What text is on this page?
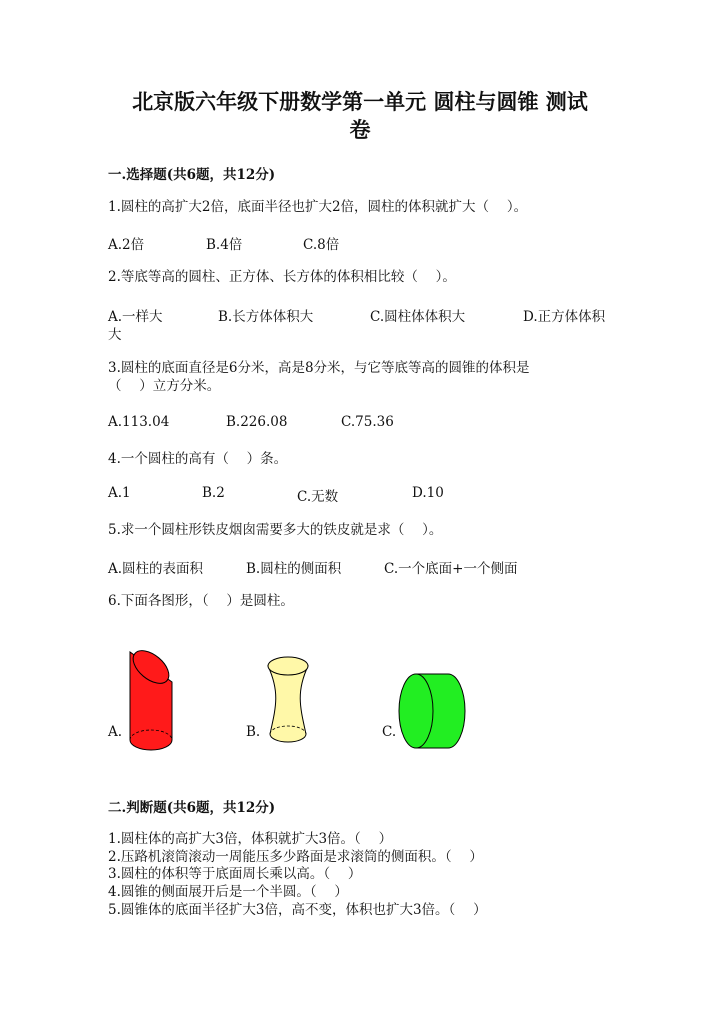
北京版六年级下册数学第一单元 圆柱与圆锥 测试
卷
一.选择题(共6题，共12分)
1.圆柱的高扩大2倍，底面半径也扩大2倍，圆柱的体积就扩大（　 ）。
A.2倍	B.4倍	C.8倍
2.等底等高的圆柱、正方体、长方体的体积相比较（　 ）。
A.一样大	B.长方体体积大	C.圆柱体体积大	D.正方体体积
大
3.圆柱的底面直径是6分米，高是8分米，与它等底等高的圆锥的体积是
（　 ）立方分米。
A.113.04	B.226.08	C.75.36
4.一个圆柱的高有（　 ）条。
A.1	B.2	C.无数	D.10
5.求一个圆柱形铁皮烟囱需要多大的铁皮就是求（　 ）。
A.圆柱的表面积	B.圆柱的侧面积	C.一个底面+一个侧面
6.下面各图形，（　 ）是圆柱。
A.	B.	C.
二.判断题(共6题，共12分)
1.圆柱体的高扩大3倍，体积就扩大3倍。（　 ）
2.压路机滚筒滚动一周能压多少路面是求滚筒的侧面积。（　 ）
3.圆柱的体积等于底面周长乘以高。（　 ）
4.圆锥的侧面展开后是一个半圆。（　 ）
5.圆锥体的底面半径扩大3倍，高不变，体积也扩大3倍。（　 ）
